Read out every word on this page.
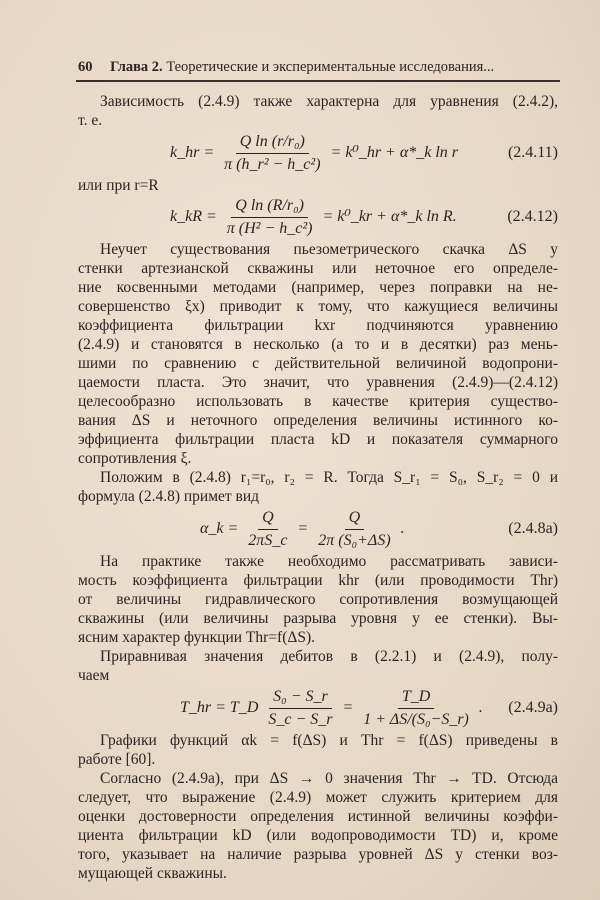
60 Глава 2. Теоретические и экспериментальные исследования...
Зависимость (2.4.9) также характерна для уравнения (2.4.2),
т. е.
k_hr = $\frac{\text{Q ln (r/r₀)}}{\text{π (h\_r² − h\_c²)}}$ = k⁰_hr + α*_k ln r	(2.4.11)
или при r=R
k_kR = $\frac{\text{Q ln (R/r₀)}}{\text{π (H² − h\_c²)}}$ = k⁰_kr + α*_k ln R.	(2.4.12)
Неучет существования пьезометрического скачка ΔS у
стенки артезианской скважины или неточное его определе-
ние косвенными методами (например, через поправки на не-
совершенство ξx) приводит к тому, что кажущиеся величины
коэффициента фильтрации kxr подчиняются уравнению
(2.4.9) и становятся в несколько (а то и в десятки) раз мень-
шими по сравнению с действительной величиной водопрони-
цаемости пласта. Это значит, что уравнения (2.4.9)—(2.4.12)
целесообразно использовать в качестве критерия существо-
вания ΔS и неточного определения величины истинного ко-
эффициента фильтрации пласта kD и показателя суммарного
сопротивления ξ.
Положим в (2.4.8) r₁=r₀, r₂ = R. Тогда S_r₁ = S₀, S_r₂ = 0 и
формула (2.4.8) примет вид
α_k = $\frac{Q}{2\pi S\_c} = \frac{Q}{\text{2π (S₀+ΔS)}}$ .	(2.4.8a)
На практике также необходимо рассматривать зависи-
мость коэффициента фильтрации khr (или проводимости Thr)
от величины гидравлического сопротивления возмущающей
скважины (или величины разрыва уровня у ее стенки). Вы-
ясним характер функции Thr=f(ΔS).
Приравнивая значения дебитов в (2.2.1) и (2.4.9), полу-
чаем
T_hr = T_D $\frac{\text{S₀ − S\_r}}{S\_c - S\_r} = \frac{T\_D}{\text{1 + ΔS/(S₀−S\_r)}}$ . (2.4.9a)
Графики функций αk = f(ΔS) и Thr = f(ΔS) приведены в
работе [60].
Согласно (2.4.9а), при ΔS → 0 значения Thr → TD. Отсюда
следует, что выражение (2.4.9) может служить критерием для
оценки достоверности определения истинной величины коэффи-
циента фильтрации kD (или водопроводимости TD) и, кроме
того, указывает на наличие разрыва уровней ΔS у стенки воз-
мущающей скважины.
